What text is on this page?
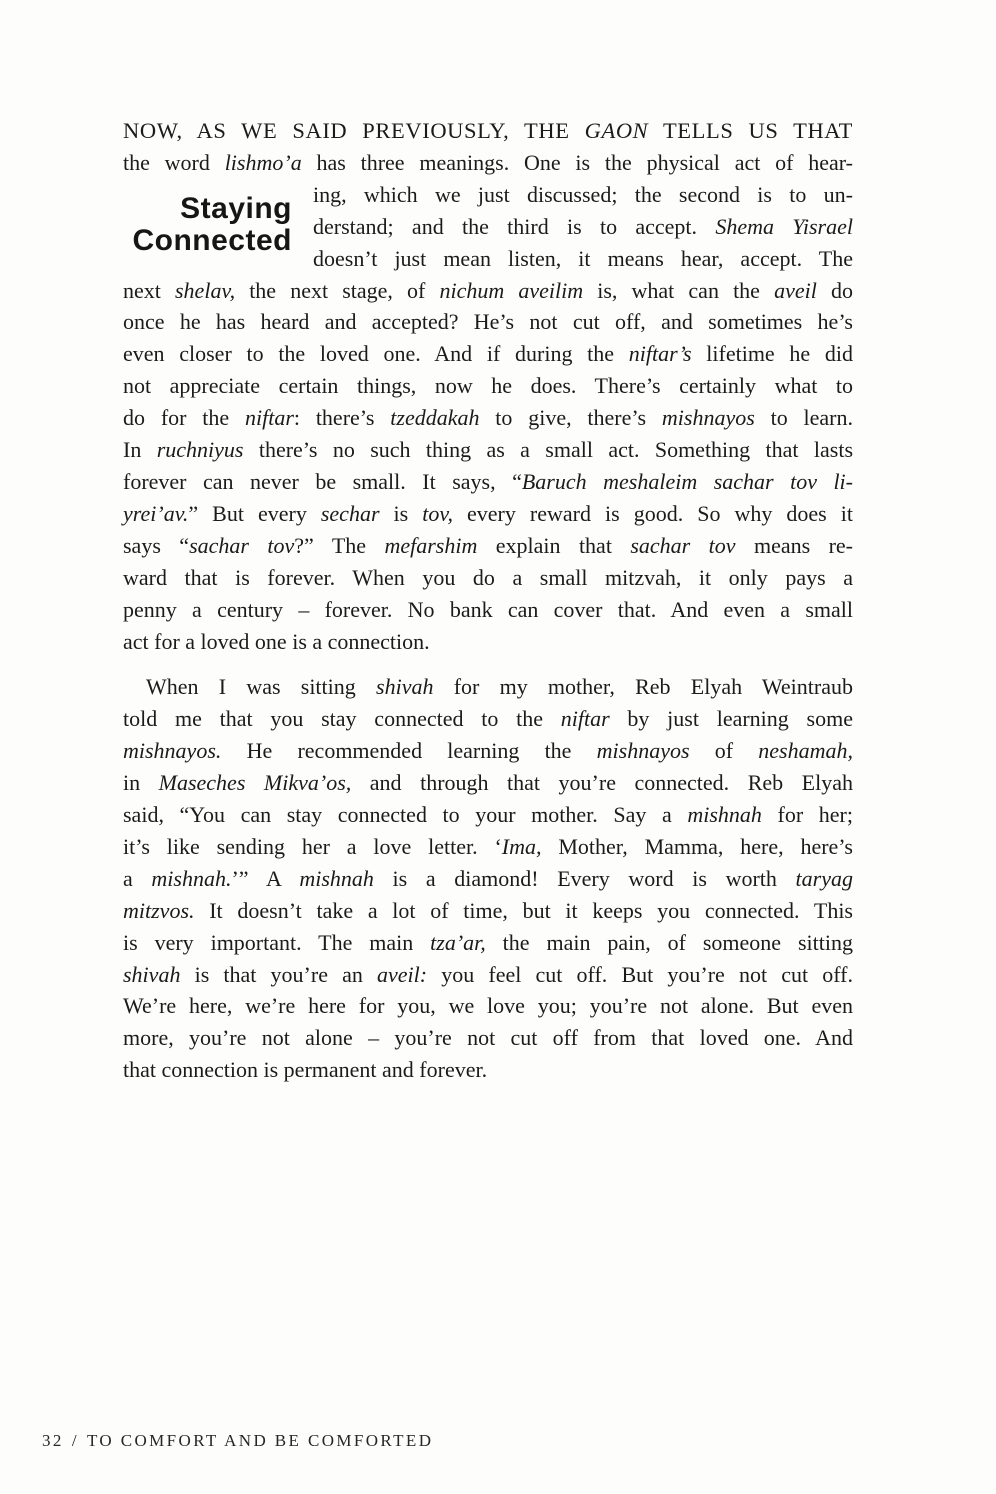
Staying
Connected
NOW, AS WE SAID PREVIOUSLY, THE GAON TELLS US THAT
the word lishmo’a has three meanings. One is the physical act of hear-
ing, which we just discussed; the second is to un-
derstand; and the third is to accept. Shema Yisrael
doesn’t just mean listen, it means hear, accept. The
next shelav, the next stage, of nichum aveilim is, what can the aveil do
once he has heard and accepted? He’s not cut off, and sometimes he’s
even closer to the loved one. And if during the niftar’s lifetime he did
not appreciate certain things, now he does. There’s certainly what to
do for the niftar: there’s tzeddakah to give, there’s mishnayos to learn.
In ruchniyus there’s no such thing as a small act. Something that lasts
forever can never be small. It says, “Baruch meshaleim sachar tov li-
yrei’av.” But every sechar is tov, every reward is good. So why does it
says “sachar tov?” The mefarshim explain that sachar tov means re-
ward that is forever. When you do a small mitzvah, it only pays a
penny a century – forever. No bank can cover that. And even a small
act for a loved one is a connection.
When I was sitting shivah for my mother, Reb Elyah Weintraub
told me that you stay connected to the niftar by just learning some
mishnayos. He recommended learning the mishnayos of neshamah,
in Maseches Mikva’os, and through that you’re connected. Reb Elyah
said, “You can stay connected to your mother. Say a mishnah for her;
it’s like sending her a love letter. ‘Ima, Mother, Mamma, here, here’s
a mishnah.’” A mishnah is a diamond! Every word is worth taryag
mitzvos. It doesn’t take a lot of time, but it keeps you connected. This
is very important. The main tza’ar, the main pain, of someone sitting
shivah is that you’re an aveil: you feel cut off. But you’re not cut off.
We’re here, we’re here for you, we love you; you’re not alone. But even
more, you’re not alone – you’re not cut off from that loved one. And
that connection is permanent and forever.
32 / TO COMFORT AND BE COMFORTED
